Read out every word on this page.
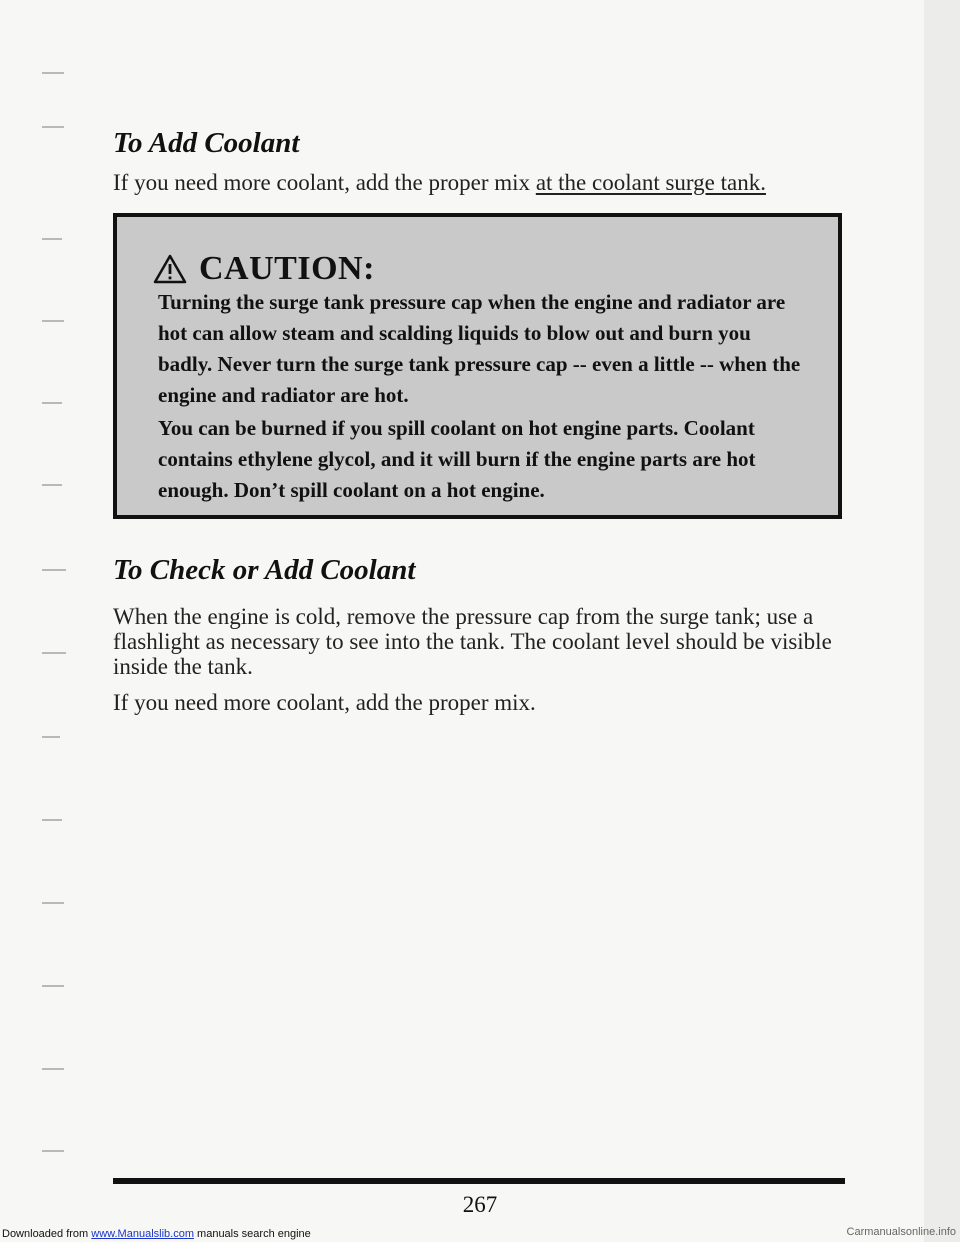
To Add Coolant

If you need more coolant, add the proper mix at the coolant surge tank.

CAUTION:

Turning the surge tank pressure cap when the engine and radiator are hot can allow steam and scalding liquids to blow out and burn you badly. Never turn the surge tank pressure cap -- even a little -- when the engine and radiator are hot.

You can be burned if you spill coolant on hot engine parts. Coolant contains ethylene glycol, and it will burn if the engine parts are hot enough. Don’t spill coolant on a hot engine.

To Check or Add Coolant

When the engine is cold, remove the pressure cap from the surge tank; use a flashlight as necessary to see into the tank. The coolant level should be visible inside the tank.

If you need more coolant, add the proper mix.

267
Downloaded from www.Manualslib.com manuals search engine	Carmanualsonline.info
